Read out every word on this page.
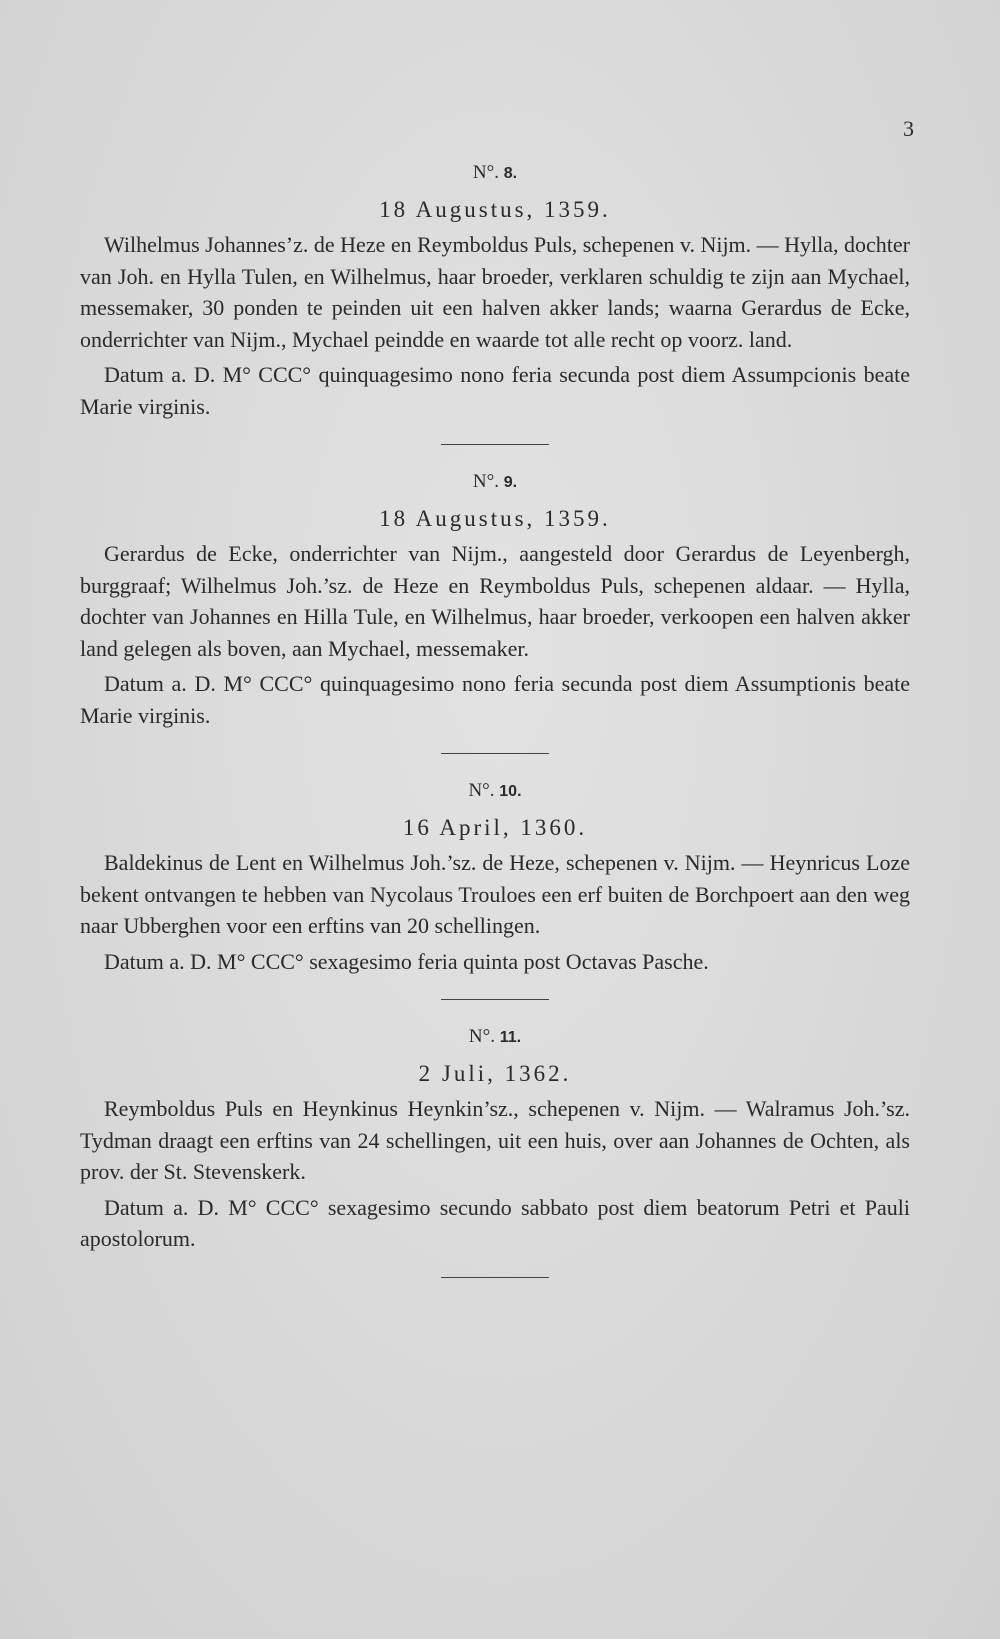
3

N°. 8.

18 Augustus, 1359.

Wilhelmus Johannes’z. de Heze en Reymboldus Puls, schepenen v. Nijm. — Hylla, dochter van Joh. en Hylla Tulen, en Wilhelmus, haar broeder, verklaren schuldig te zijn aan Mychael, messemaker, 30 ponden te peinden uit een halven akker lands; waarna Gerardus de Ecke, onderrichter van Nijm., Mychael peindde en waarde tot alle recht op voorz. land.

Datum a. D. M° CCC° quinquagesimo nono feria secunda post diem Assumpcionis beate Marie virginis.

N°. 9.

18 Augustus, 1359.

Gerardus de Ecke, onderrichter van Nijm., aangesteld door Gerardus de Leyenbergh, burggraaf; Wilhelmus Joh.’sz. de Heze en Reymboldus Puls, schepenen aldaar. — Hylla, dochter van Johannes en Hilla Tule, en Wilhelmus, haar broeder, verkoopen een halven akker land gelegen als boven, aan Mychael, messemaker.

Datum a. D. M° CCC° quinquagesimo nono feria secunda post diem Assumptionis beate Marie virginis.

N°. 10.

16 April, 1360.

Baldekinus de Lent en Wilhelmus Joh.’sz. de Heze, schepenen v. Nijm. — Heynricus Loze bekent ontvangen te hebben van Nycolaus Trouloes een erf buiten de Borchpoert aan den weg naar Ubberghen voor een erftins van 20 schellingen.

Datum a. D. M° CCC° sexagesimo feria quinta post Octavas Pasche.

N°. 11.

2 Juli, 1362.

Reymboldus Puls en Heynkinus Heynkin’sz., schepenen v. Nijm. — Walramus Joh.’sz. Tydman draagt een erftins van 24 schellingen, uit een huis, over aan Johannes de Ochten, als prov. der St. Stevenskerk.

Datum a. D. M° CCC° sexagesimo secundo sabbato post diem beatorum Petri et Pauli apostolorum.
